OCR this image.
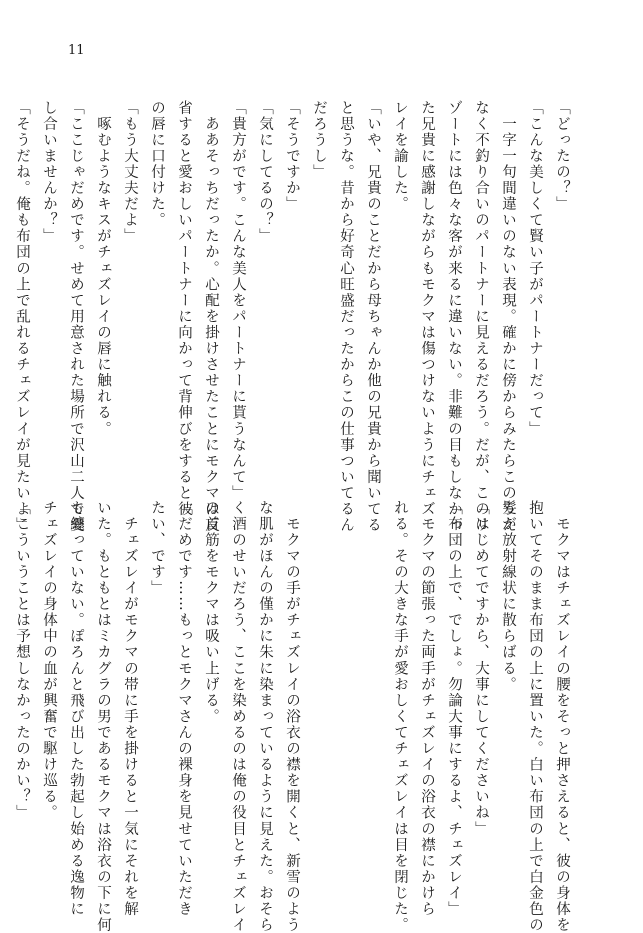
11
「どったの？」
「こんな美しくて賢い子がパートナーだって」
　一字一句間違いのない表現。確かに傍からみたらこのうえ
なく不釣り合いのパートナーに見えるだろう。だが、このリ
ゾートには色々な客が来るに違いない。非難の目もしなかっ
た兄貴に感謝しながらもモクマは傷つけないようにチェズ
レイを諭した。
「いや、兄貴のことだから母ちゃんか他の兄貴から聞いてる
と思うな。昔から好奇心旺盛だったからこの仕事ついてるん
だろうし」
「そうですか」
「気にしてるの？」
「貴方がです。こんな美人をパートナーに貰うなんて」
　ああそっちだったか。心配を掛けさせたことにモクマは反
省すると愛おしいパートナーに向かって背伸びをすると彼
の唇に口付けた。
「もう大丈夫だよ」
　啄むようなキスがチェズレイの唇に触れる。
「ここじゃだめです。せめて用意された場所で沢山二人で愛
し合いませんか？」
「そうだね。俺も布団の上で乱れるチェズレイが見たいよ」
　モクマはチェズレイの腰をそっと押さえると、彼の身体を
抱いてそのまま布団の上に置いた。白い布団の上で白金色の
髪が放射線状に散らばる。
「はじめてですから、大事にしてくださいね」
「布団の上で、でしょ。勿論大事にするよ、チェズレイ」
　モクマの節張った両手がチェズレイの浴衣の襟にかけら
れる。その大きな手が愛おしくてチェズレイは目を閉じた。

　モクマの手がチェズレイの浴衣の襟を開くと、新雪のよう
な肌がほんの僅かに朱に染まっているように見えた。おそら
く酒のせいだろう、ここを染めるのは俺の役目とチェズレイ
の首筋をモクマは吸い上げる。
「だめです……もっとモクマさんの裸身を見せていただき
たい、です」
　チェズレイがモクマの帯に手を掛けると一気にそれを解
いた。もともとはミカグラの男であるモクマは浴衣の下に何
も纏っていない。ぽろんと飛び出した勃起し始める逸物に
チェズレイの身体中の血が興奮で駆け巡る。
「こういうことは予想しなかったのかい？」
